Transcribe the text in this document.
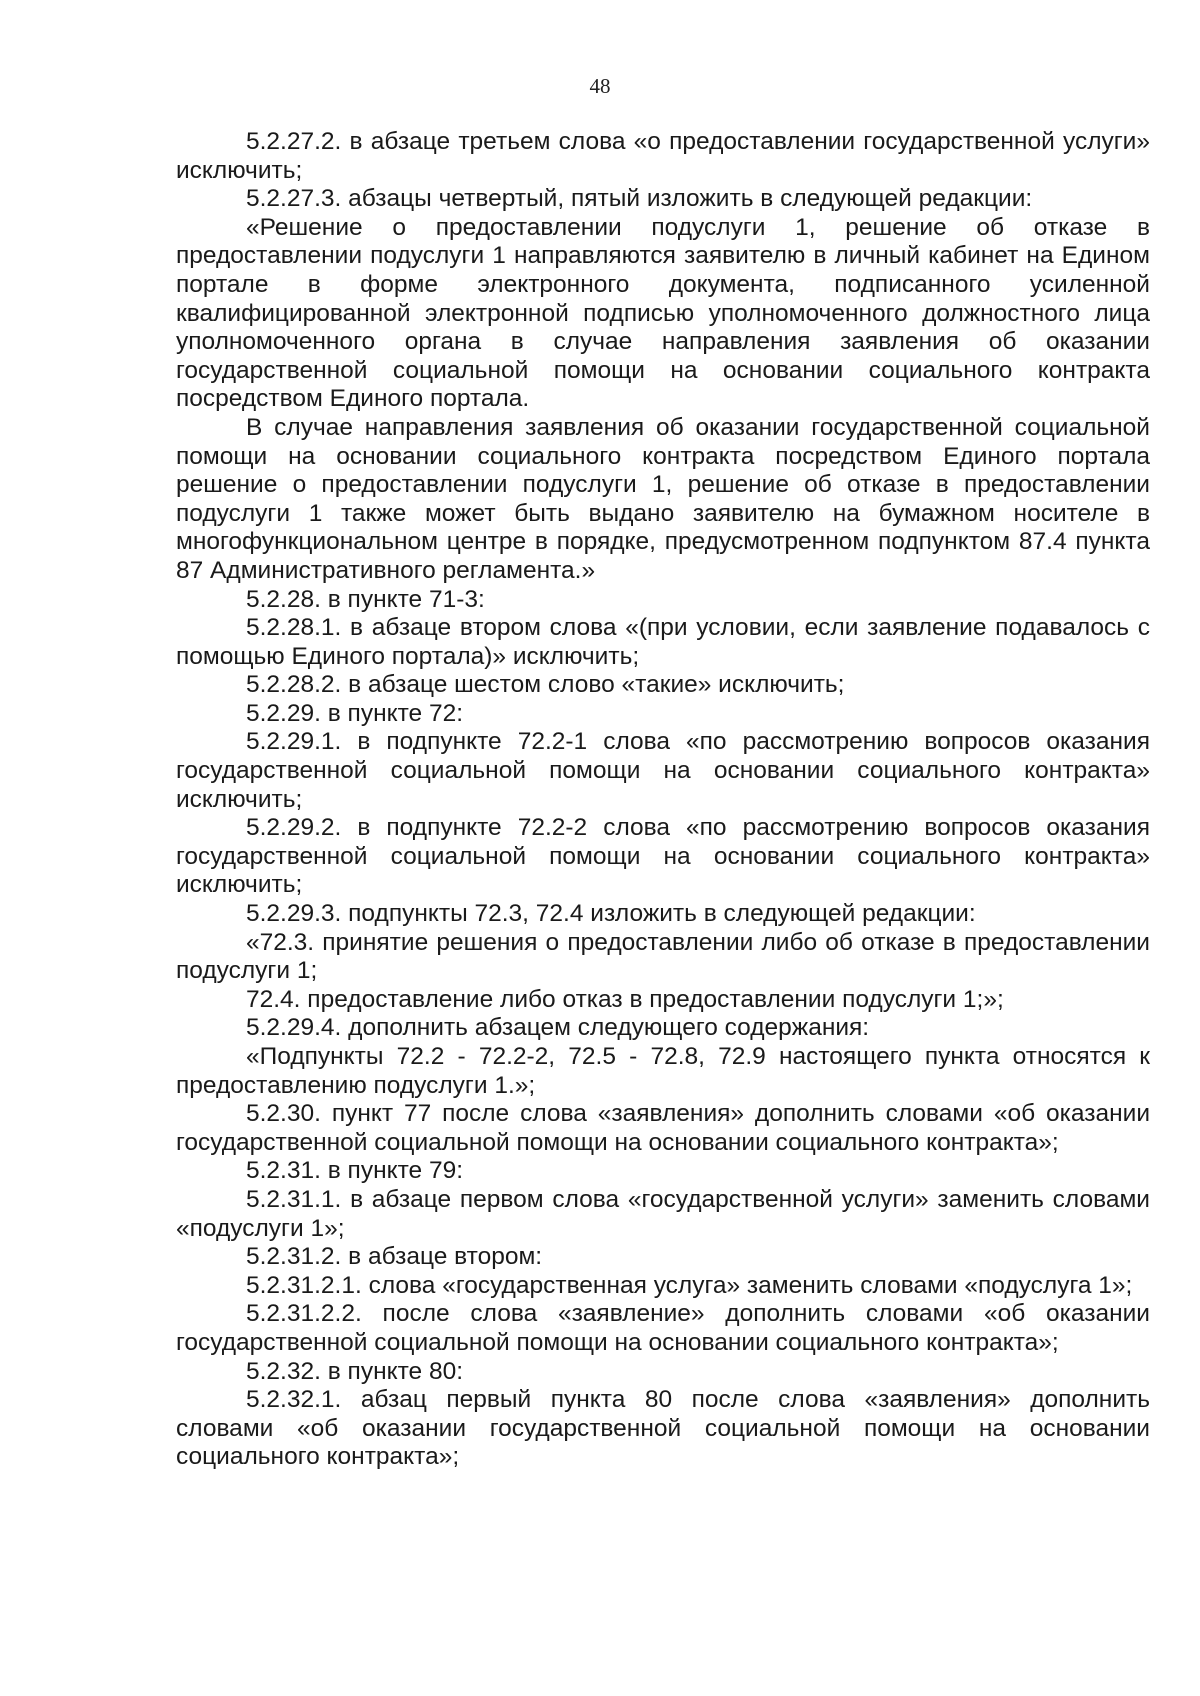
48

5.2.27.2. в абзаце третьем слова «о предоставлении государственной услуги» исключить;

5.2.27.3. абзацы четвертый, пятый изложить в следующей редакции:

«Решение о предоставлении подуслуги 1, решение об отказе в предоставлении подуслуги 1 направляются заявителю в личный кабинет на Едином портале в форме электронного документа, подписанного усиленной квалифицированной электронной подписью уполномоченного должностного лица уполномоченного органа в случае направления заявления об оказании государственной социальной помощи на основании социального контракта посредством Единого портала.

В случае направления заявления об оказании государственной социальной помощи на основании социального контракта посредством Единого портала решение о предоставлении подуслуги 1, решение об отказе в предоставлении подуслуги 1 также может быть выдано заявителю на бумажном носителе в многофункциональном центре в порядке, предусмотренном подпунктом 87.4 пункта 87 Административного регламента.»

5.2.28. в пункте 71-3:

5.2.28.1. в абзаце втором слова «(при условии, если заявление подавалось с помощью Единого портала)» исключить;

5.2.28.2. в абзаце шестом слово «такие» исключить;

5.2.29. в пункте 72:

5.2.29.1. в подпункте 72.2-1 слова «по рассмотрению вопросов оказания государственной социальной помощи на основании социального контракта» исключить;

5.2.29.2. в подпункте 72.2-2 слова «по рассмотрению вопросов оказания государственной социальной помощи на основании социального контракта» исключить;

5.2.29.3. подпункты 72.3, 72.4 изложить в следующей редакции:

«72.3. принятие решения о предоставлении либо об отказе в предоставлении подуслуги 1;

72.4. предоставление либо отказ в предоставлении подуслуги 1;»;

5.2.29.4. дополнить абзацем следующего содержания:

«Подпункты 72.2 - 72.2-2, 72.5 - 72.8, 72.9 настоящего пункта относятся к предоставлению подуслуги 1.»;

5.2.30. пункт 77 после слова «заявления» дополнить словами «об оказании государственной социальной помощи на основании социального контракта»;

5.2.31. в пункте 79:

5.2.31.1. в абзаце первом слова «государственной услуги» заменить словами «подуслуги 1»;

5.2.31.2. в абзаце втором:

5.2.31.2.1. слова «государственная услуга» заменить словами «подуслуга 1»;

5.2.31.2.2. после слова «заявление» дополнить словами «об оказании государственной социальной помощи на основании социального контракта»;

5.2.32. в пункте 80:

5.2.32.1. абзац первый пункта 80 после слова «заявления» дополнить словами «об оказании государственной социальной помощи на основании социального контракта»;
